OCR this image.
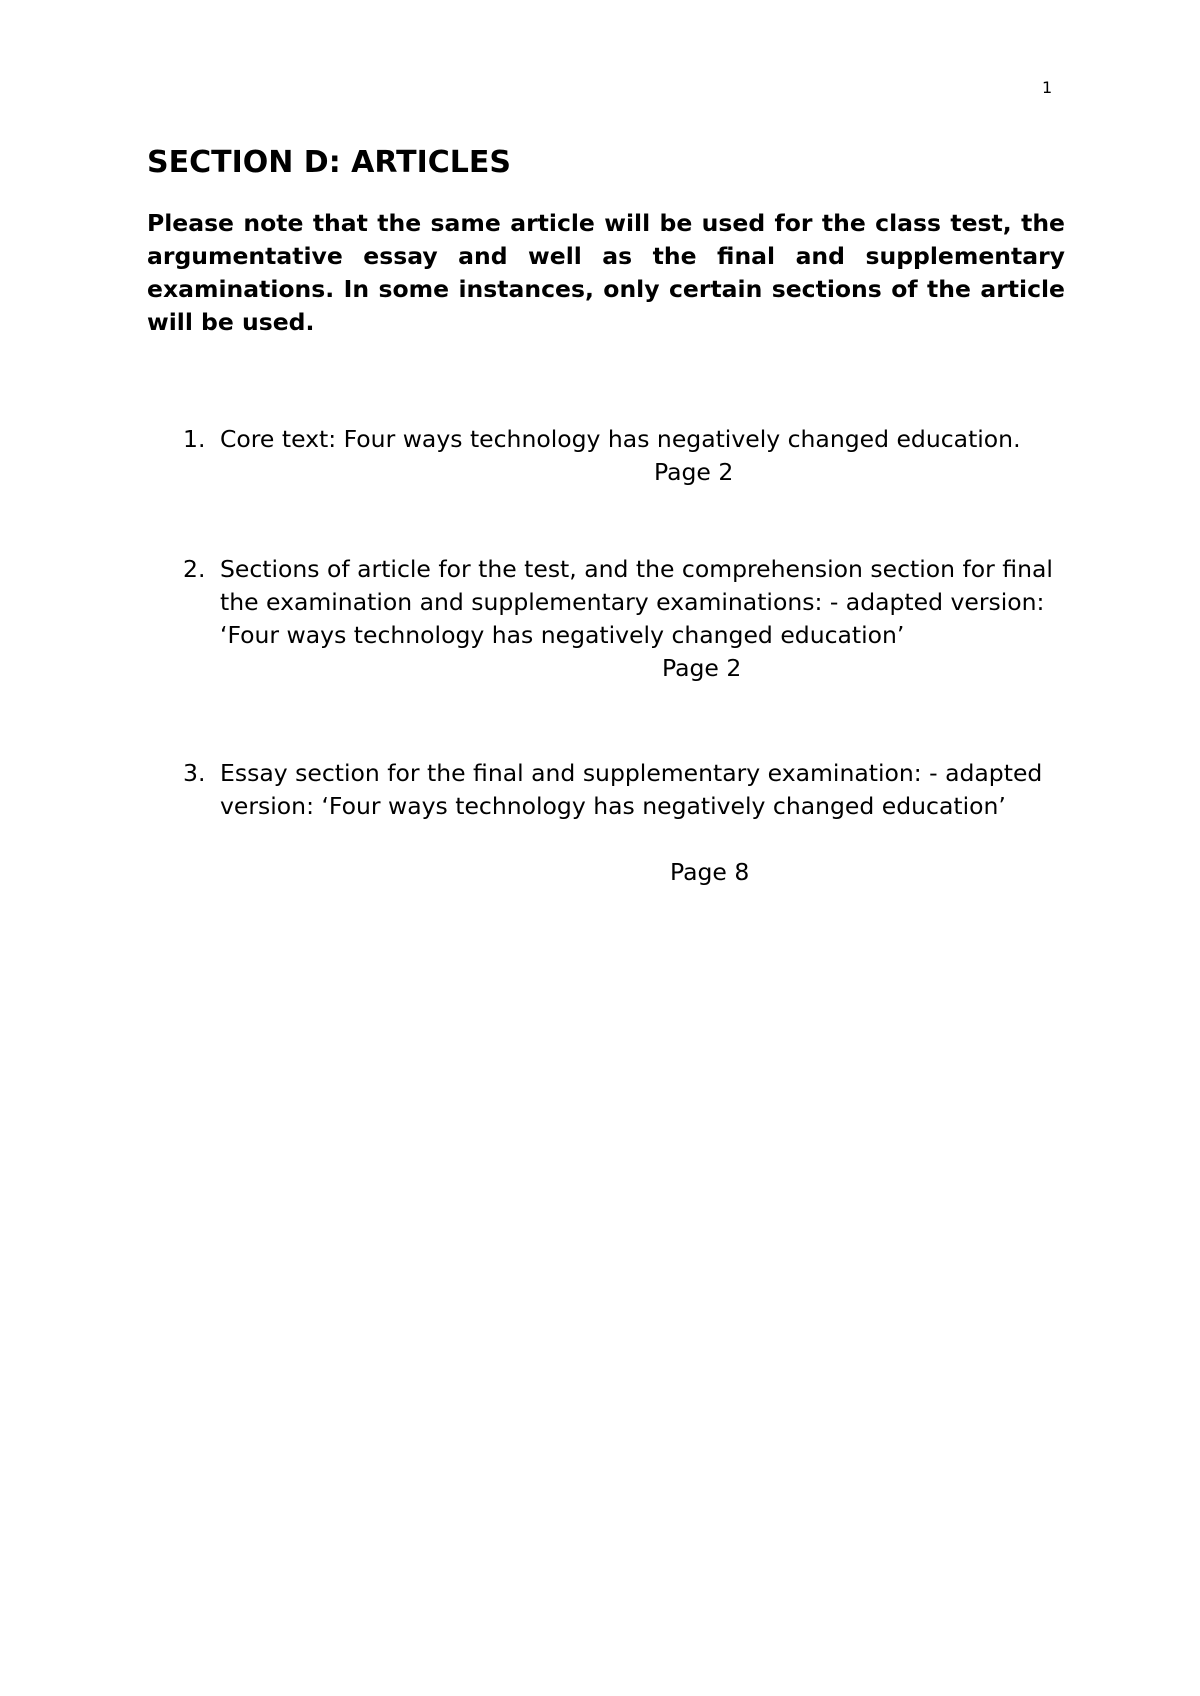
1
SECTION D: ARTICLES

Please note that the same article will be used for the class test, the argumentative essay and well as the final and supplementary examinations. In some instances, only certain sections of the article will be used.

1. Core text: Four ways technology has negatively changed education.
Page 2
2. Sections of article for the test, and the comprehension section for final the examination and supplementary examinations: - adapted version: ‘Four ways technology has negatively changed education’
Page 2
3. Essay section for the final and supplementary examination: - adapted version: ‘Four ways technology has negatively changed education’
Page 8
